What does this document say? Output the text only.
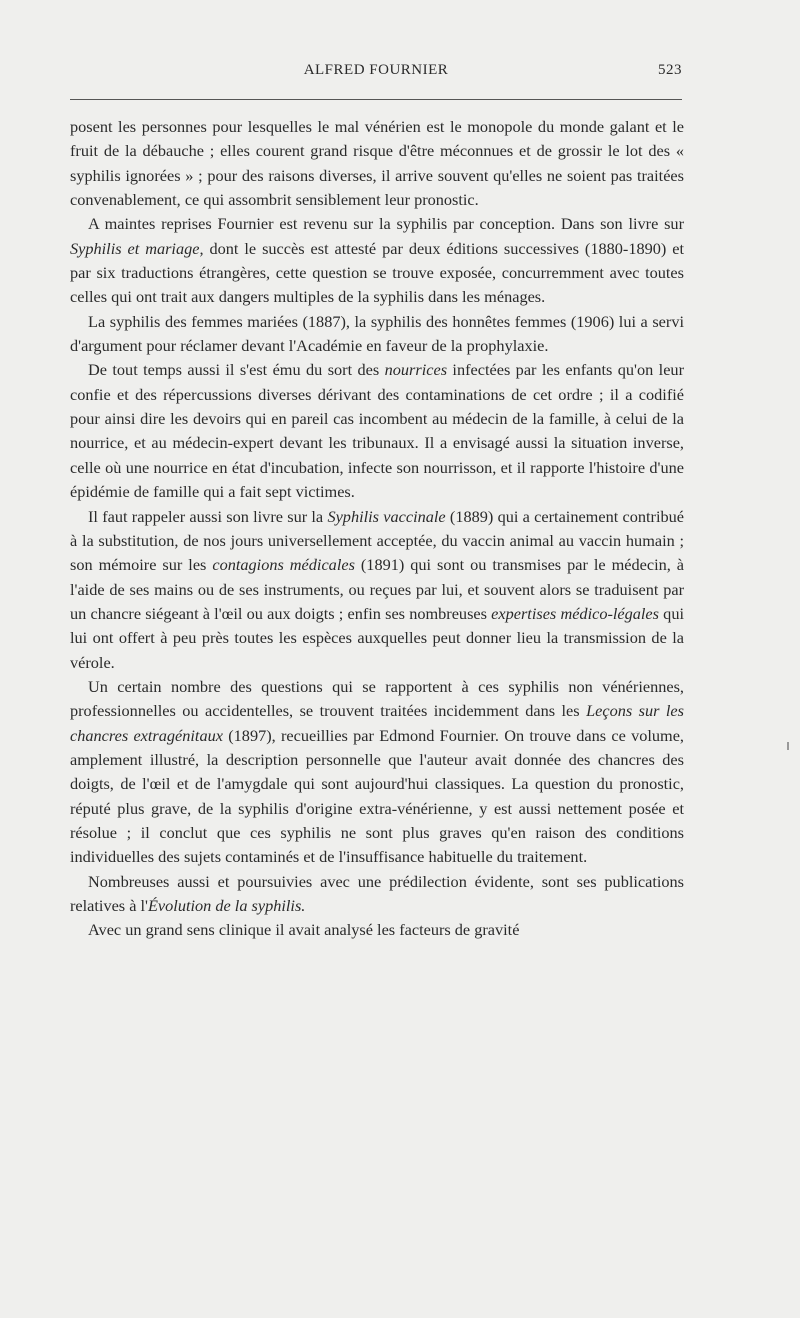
ALFRED FOURNIER	523

posent les personnes pour lesquelles le mal vénérien est le monopole du monde galant et le fruit de la débauche ; elles courent grand risque d'être méconnues et de grossir le lot des « syphilis ignorées » ; pour des raisons diverses, il arrive souvent qu'elles ne soient pas traitées convenablement, ce qui assombrit sensiblement leur pronostic.

A maintes reprises Fournier est revenu sur la syphilis par conception. Dans son livre sur Syphilis et mariage, dont le succès est attesté par deux éditions successives (1880-1890) et par six traductions étrangères, cette question se trouve exposée, concurremment avec toutes celles qui ont trait aux dangers multiples de la syphilis dans les ménages.

La syphilis des femmes mariées (1887), la syphilis des honnêtes femmes (1906) lui a servi d'argument pour réclamer devant l'Académie en faveur de la prophylaxie.

De tout temps aussi il s'est ému du sort des nourrices infectées par les enfants qu'on leur confie et des répercussions diverses dérivant des contaminations de cet ordre ; il a codifié pour ainsi dire les devoirs qui en pareil cas incombent au médecin de la famille, à celui de la nourrice, et au médecin-expert devant les tribunaux. Il a envisagé aussi la situation inverse, celle où une nourrice en état d'incubation, infecte son nourrisson, et il rapporte l'histoire d'une épidémie de famille qui a fait sept victimes.

Il faut rappeler aussi son livre sur la Syphilis vaccinale (1889) qui a certainement contribué à la substitution, de nos jours universellement acceptée, du vaccin animal au vaccin humain ; son mémoire sur les contagions médicales (1891) qui sont ou transmises par le médecin, à l'aide de ses mains ou de ses instruments, ou reçues par lui, et souvent alors se traduisent par un chancre siégeant à l'œil ou aux doigts ; enfin ses nombreuses expertises médico-légales qui lui ont offert à peu près toutes les espèces auxquelles peut donner lieu la transmission de la vérole.

Un certain nombre des questions qui se rapportent à ces syphilis non vénériennes, professionnelles ou accidentelles, se trouvent traitées incidemment dans les Leçons sur les chancres extragénitaux (1897), recueillies par Edmond Fournier. On trouve dans ce volume, amplement illustré, la description personnelle que l'auteur avait donnée des chancres des doigts, de l'œil et de l'amygdale qui sont aujourd'hui classiques. La question du pronostic, réputé plus grave, de la syphilis d'origine extra-vénérienne, y est aussi nettement posée et résolue ; il conclut que ces syphilis ne sont plus graves qu'en raison des conditions individuelles des sujets contaminés et de l'insuffisance habituelle du traitement.

Nombreuses aussi et poursuivies avec une prédilection évidente, sont ses publications relatives à l'Évolution de la syphilis.

Avec un grand sens clinique il avait analysé les facteurs de gravité
